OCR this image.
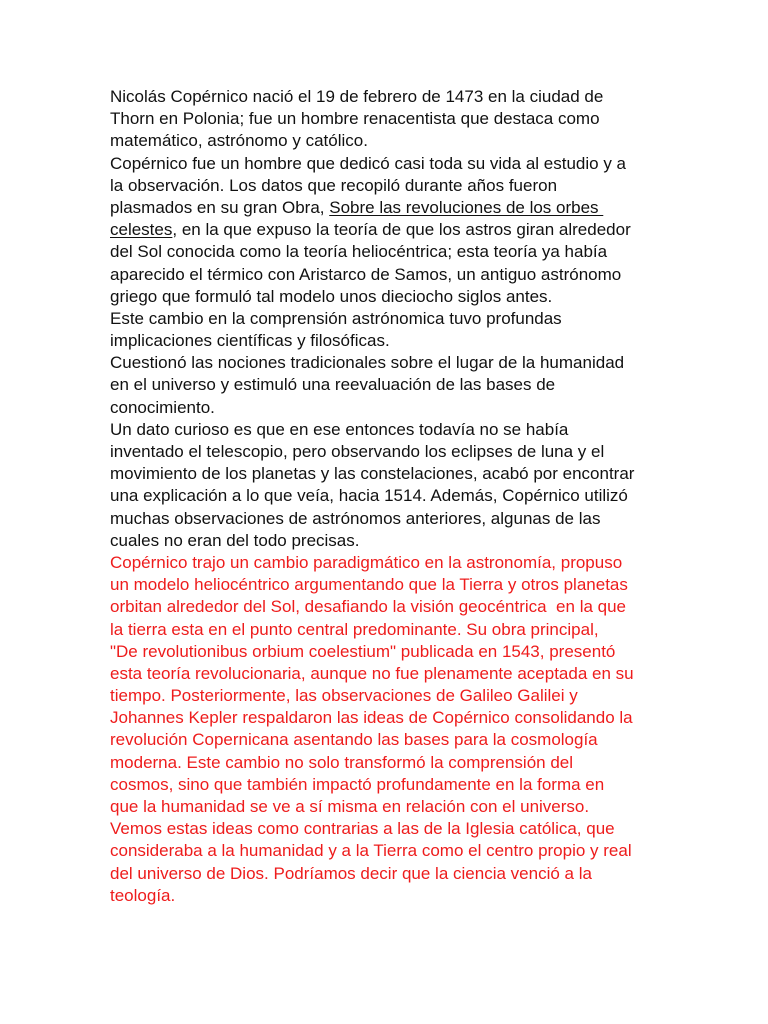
Nicolás Copérnico nació el 19 de febrero de 1473 en la ciudad de
Thorn en Polonia; fue un hombre renacentista que destaca como
matemático, astrónomo y católico.
Copérnico fue un hombre que dedicó casi toda su vida al estudio y a
la observación. Los datos que recopiló durante años fueron
plasmados en su gran Obra, Sobre las revoluciones de los orbes
celestes, en la que expuso la teoría de que los astros giran alrededor
del Sol conocida como la teoría heliocéntrica; esta teoría ya había
aparecido el térmico con Aristarco de Samos, un antiguo astrónomo
griego que formuló tal modelo unos dieciocho siglos antes.
Este cambio en la comprensión astrónomica tuvo profundas
implicaciones científicas y filosóficas.
Cuestionó las nociones tradicionales sobre el lugar de la humanidad
en el universo y estimuló una reevaluación de las bases de
conocimiento.
Un dato curioso es que en ese entonces todavía no se había
inventado el telescopio, pero observando los eclipses de luna y el
movimiento de los planetas y las constelaciones, acabó por encontrar
una explicación a lo que veía, hacia 1514. Además, Copérnico utilizó
muchas observaciones de astrónomos anteriores, algunas de las
cuales no eran del todo precisas.
Copérnico trajo un cambio paradigmático en la astronomía, propuso
un modelo heliocéntrico argumentando que la Tierra y otros planetas
orbitan alrededor del Sol, desafiando la visión geocéntrica  en la que
la tierra esta en el punto central predominante. Su obra principal,
"De revolutionibus orbium coelestium" publicada en 1543, presentó
esta teoría revolucionaria, aunque no fue plenamente aceptada en su
tiempo. Posteriormente, las observaciones de Galileo Galilei y
Johannes Kepler respaldaron las ideas de Copérnico consolidando la
revolución Copernicana asentando las bases para la cosmología
moderna. Este cambio no solo transformó la comprensión del
cosmos, sino que también impactó profundamente en la forma en
que la humanidad se ve a sí misma en relación con el universo.
Vemos estas ideas como contrarias a las de la Iglesia católica, que
consideraba a la humanidad y a la Tierra como el centro propio y real
del universo de Dios. Podríamos decir que la ciencia venció a la
teología.
